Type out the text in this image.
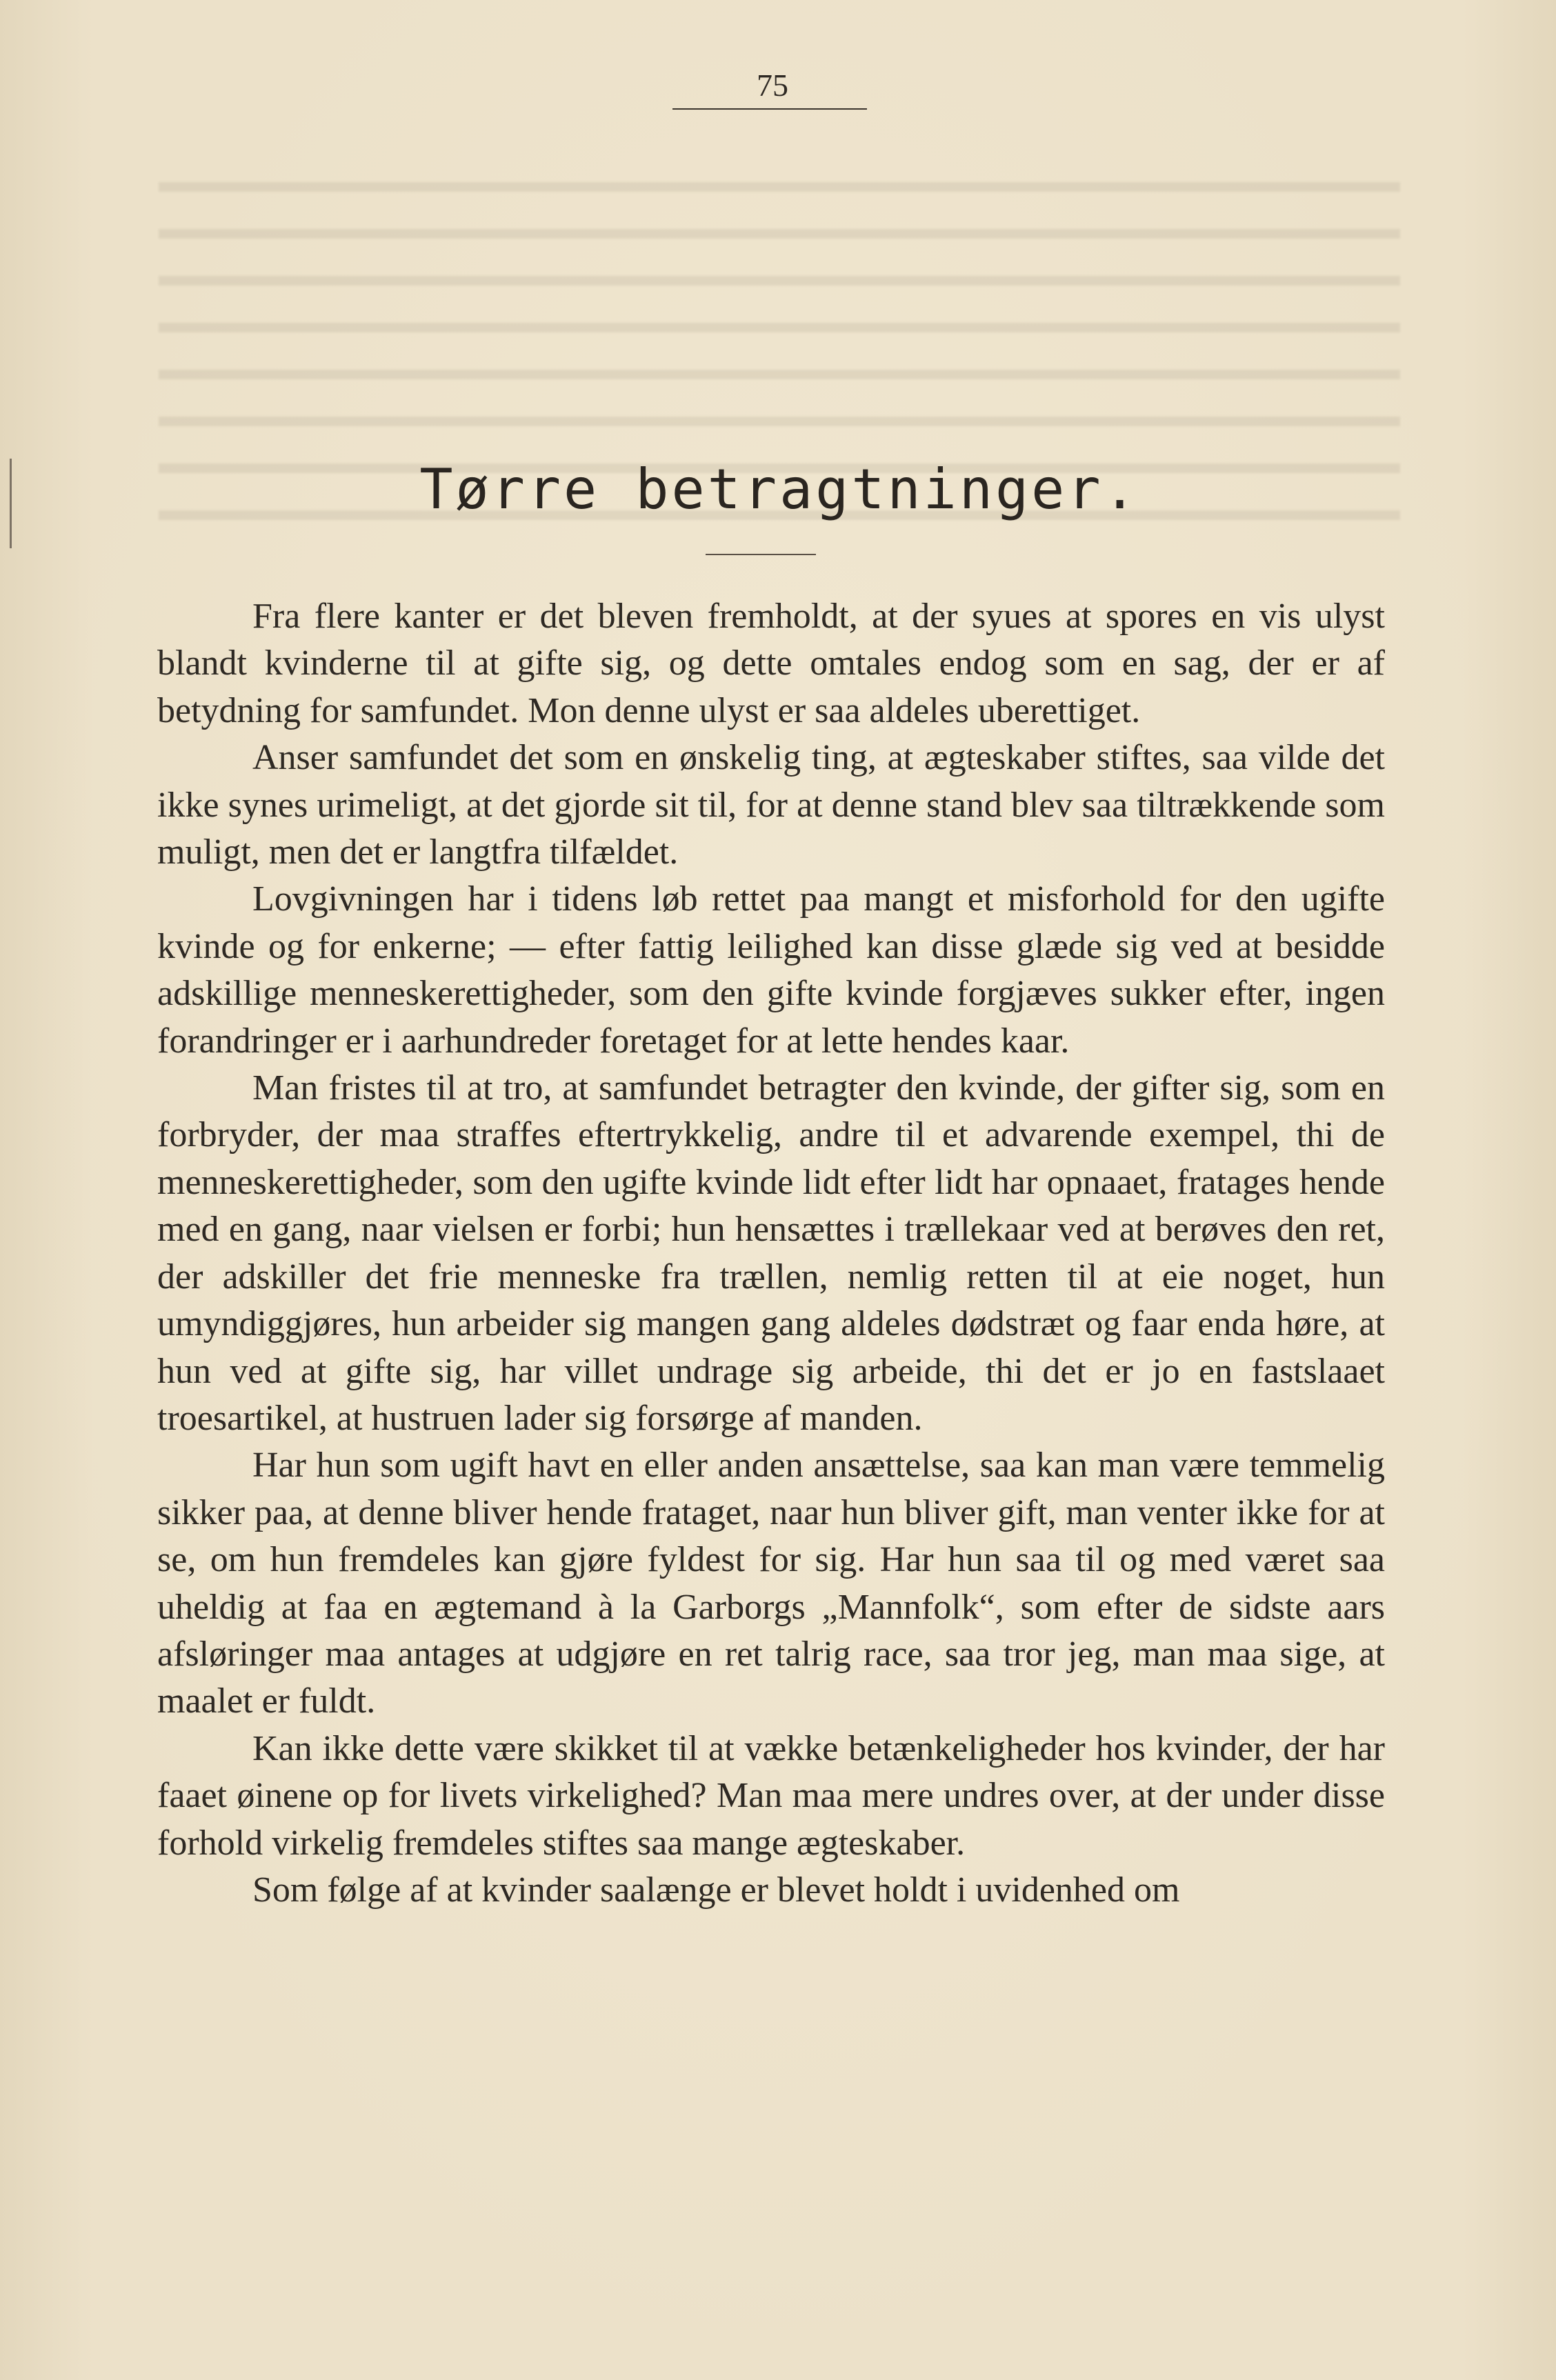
75
Tørre betragtninger.

Fra flere kanter er det bleven fremholdt, at der syues at spores en vis ulyst blandt kvinderne til at gifte sig, og dette omtales endog som en sag, der er af betydning for samfundet. Mon denne ulyst er saa aldeles uberettiget.

Anser samfundet det som en ønskelig ting, at ægteskaber stiftes, saa vilde det ikke synes urimeligt, at det gjorde sit til, for at denne stand blev saa tiltrækkende som muligt, men det er langtfra tilfældet.

Lovgivningen har i tidens løb rettet paa mangt et misforhold for den ugifte kvinde og for enkerne; — efter fattig leilighed kan disse glæde sig ved at besidde adskillige menneskerettigheder, som den gifte kvinde forgjæves sukker efter, ingen forandringer er i aarhundreder foretaget for at lette hendes kaar.

Man fristes til at tro, at samfundet betragter den kvinde, der gifter sig, som en forbryder, der maa straffes eftertrykkelig, andre til et advarende exempel, thi de menneskerettigheder, som den ugifte kvinde lidt efter lidt har opnaaet, fratages hende med en gang, naar vielsen er forbi; hun hensættes i trællekaar ved at berøves den ret, der adskiller det frie menneske fra trællen, nemlig retten til at eie noget, hun umyndiggjøres, hun arbeider sig mangen gang aldeles dødstræt og faar enda høre, at hun ved at gifte sig, har villet undrage sig arbeide, thi det er jo en fastslaaet troesartikel, at hustruen lader sig forsørge af manden.

Har hun som ugift havt en eller anden ansættelse, saa kan man være temmelig sikker paa, at denne bliver hende frataget, naar hun bliver gift, man venter ikke for at se, om hun fremdeles kan gjøre fyldest for sig. Har hun saa til og med været saa uheldig at faa en ægtemand à la Garborgs „Mannfolk“, som efter de sidste aars afsløringer maa antages at udgjøre en ret talrig race, saa tror jeg, man maa sige, at maalet er fuldt.

Kan ikke dette være skikket til at vække betænkeligheder hos kvinder, der har faaet øinene op for livets virkelighed? Man maa mere undres over, at der under disse forhold virkelig fremdeles stiftes saa mange ægteskaber.

Som følge af at kvinder saalænge er blevet holdt i uvidenhed om
